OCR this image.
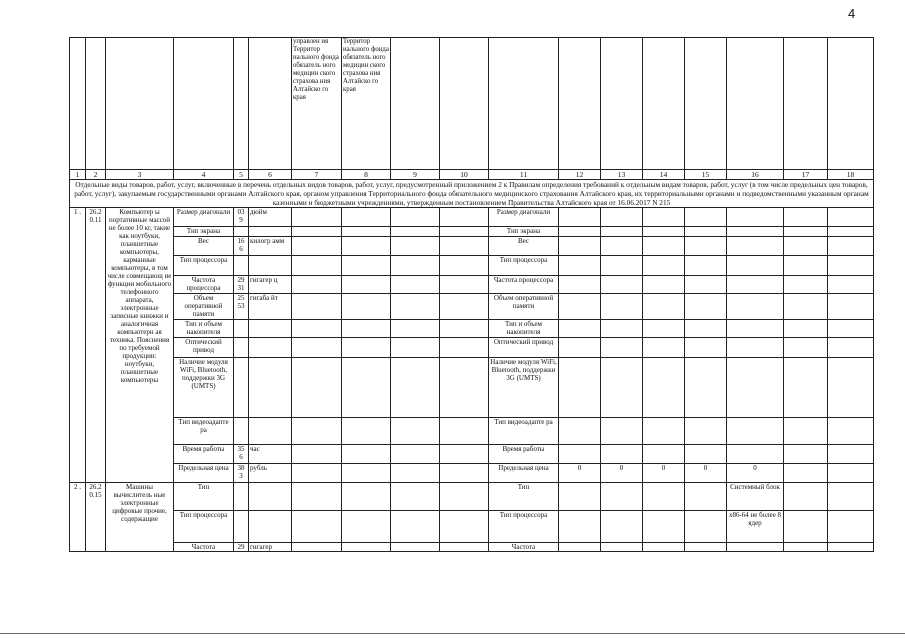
4
						управлен ия Территор иального фонда обязатель ного медицин ского страхова ния Алтайско го края	Территор иального фонда обязатель ного медицин ского страхова ния Алтайско го края										
1	2	3	4	5	6	7	8	9	10	11	12	13	14	15	16	17	18
Отдельные виды товаров, работ, услуг, включенные в перечень отдельных видов товаров, работ, услуг, предусмотренный приложением 2 к Правилам определения требований к отдельным видам товаров, работ, услуг (в том числе предельных цен товаров, работ, услуг), закупаемым государственными органами Алтайского края, органом управления Территориального фонда обязательного медицинского страхования Алтайского края, их территориальными органами и подведомственными указанным органам казенными и бюджетными учреждениями, утвержденным постановлением Правительства Алтайского края от 16.06.2017 N 215																	
1 .	26.2 0.11	Компьютер ы портативные массой не более 10 кг, такие как ноутбуки, планшетные компьютеры, карманные компьютеры, в том числе совмещающ ие функции мобильного телефонного аппарата, электронные записные книжки и аналогичная компьютерн ая техника. Пояснения по требуемой продукции: ноутбуки, планшетные компьютеры	Размер диагонали	03 9	дюйм					Размер диагонали							
			Тип экрана							Тип экрана							
			Вес	16 6	килогр амм					Вес							
			Тип процессора							Тип процессора							
			Частота процессора	29 31	гигагер ц					Частота процессора							
			Объем оперативной памяти	25 53	гигаба йт					Объем оперативной памяти							
			Тип и объем накопителя							Тип и объем накопителя							
			Оптический привод							Оптический привод							
			Наличие модуля WiFi, Bluetooth, поддержки 3G (UMTS)							Наличие модуля WiFi, Bluetooth, поддержки 3G (UMTS)							
			Тип видеоадапте ра							Тип видеоадапте ра							
			Время работы	35 6	час					Время работы							
			Предельная цена	38 3	рубль					Предельная цена	0	0	0	0	0		
2 .	26.2 0.15	Машины вычислитель ные электронные цифровые прочие, содержащие	Тип							Тип					Системный блок		
			Тип процессора							Тип процессора					x86-64 не более 8 ядер		
			Частота	29	гигагер					Частота							
